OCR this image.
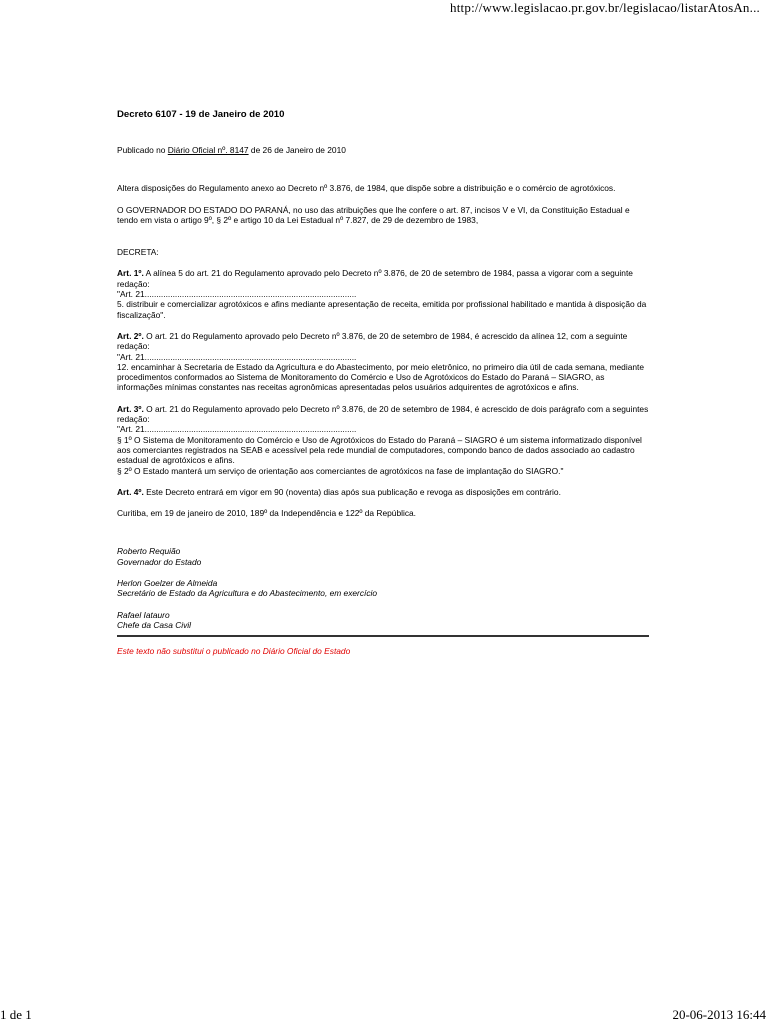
http://www.legislacao.pr.gov.br/legislacao/listarAtosAn...

Decreto 6107 - 19 de Janeiro de 2010

Publicado no Diário Oficial nº. 8147 de 26 de Janeiro de 2010

Altera disposições do Regulamento anexo ao Decreto nº 3.876, de 1984, que dispõe sobre a distribuição e o comércio de agrotóxicos.

O GOVERNADOR DO ESTADO DO PARANÁ, no uso das atribuições que lhe confere o art. 87, incisos V e VI, da Constituição Estadual e tendo em vista o artigo 9º, § 2º e artigo 10 da Lei Estadual nº 7.827, de 29 de dezembro de 1983,

DECRETA:

Art. 1º. A alínea 5 do art. 21 do Regulamento aprovado pelo Decreto nº 3.876, de 20 de setembro de 1984, passa a vigorar com a seguinte redação:

"Art. 21...........................................................................................

5. distribuir e comercializar agrotóxicos e afins mediante apresentação de receita, emitida por profissional habilitado e mantida à disposição da fiscalização".

Art. 2º. O art. 21 do Regulamento aprovado pelo Decreto nº 3.876, de 20 de setembro de 1984, é acrescido da alínea 12, com a seguinte redação:

"Art. 21...........................................................................................

12. encaminhar à Secretaria de Estado da Agricultura e do Abastecimento, por meio eletrônico, no primeiro dia útil de cada semana, mediante procedimentos conformados ao Sistema de Monitoramento do Comércio e Uso de Agrotóxicos do Estado do Paraná – SIAGRO, as informações mínimas constantes nas receitas agronômicas apresentadas pelos usuários adquirentes de agrotóxicos e afins.

Art. 3º. O art. 21 do Regulamento aprovado pelo Decreto nº 3.876, de 20 de setembro de 1984, é acrescido de dois parágrafo com a seguintes redação:

"Art. 21...........................................................................................

§ 1º O Sistema de Monitoramento do Comércio e Uso de Agrotóxicos do Estado do Paraná – SIAGRO é um sistema informatizado disponível aos comerciantes registrados na SEAB e acessível pela rede mundial de computadores, compondo banco de dados associado ao cadastro estadual de agrotóxicos e afins.

§ 2º O Estado manterá um serviço de orientação aos comerciantes de agrotóxicos na fase de implantação do SIAGRO."

Art. 4º. Este Decreto entrará em vigor em 90 (noventa) dias após sua publicação e revoga as disposições em contrário.

Curitiba, em 19 de janeiro de 2010, 189º da Independência e 122º da República.

Roberto Requião

Governador do Estado

Herlon Goelzer de Almeida

Secretário de Estado da Agricultura e do Abastecimento, em exercício

Rafael Iatauro

Chefe da Casa Civil

Este texto não substitui o publicado no Diário Oficial do Estado

1 de 1	20-06-2013 16:44
